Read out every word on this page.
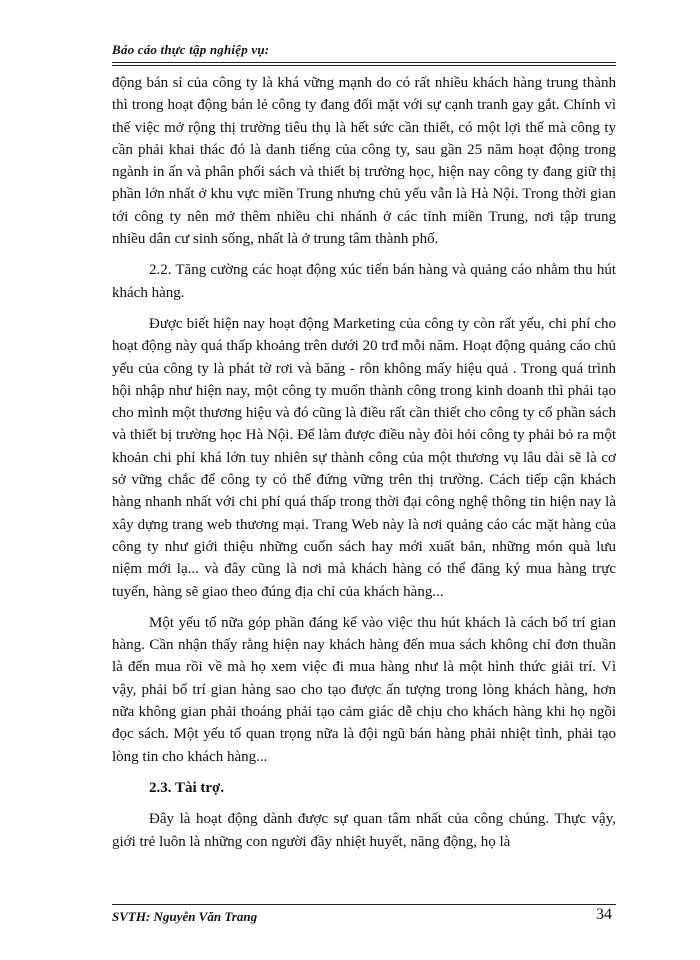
Báo cáo thực tập nghiệp vụ:

động bán sỉ của công ty là khá vững mạnh do có rất nhiều khách hàng trung thành thì trong hoạt động bán lẻ công ty đang đối mặt với sự cạnh tranh gay gắt. Chính vì thế việc mở rộng thị trường tiêu thụ là hết sức cần thiết, có một lợi thế mà công ty cần phải khai thác đó là danh tiếng của công ty, sau gần 25 năm hoạt động trong ngành in ấn và phân phối sách và thiết bị trường học, hiện nay công ty đang giữ thị phần lớn nhất ở khu vực miền Trung nhưng chủ yếu vẫn là Hà Nội. Trong thời gian tới công ty nên mở thêm nhiều chi nhánh ở các tỉnh miền Trung, nơi tập trung nhiều dân cư sinh sống, nhất là ở trung tâm thành phố.

2.2. Tăng cường các hoạt động xúc tiến bán hàng và quảng cáo nhằm thu hút khách hàng.

Được biết hiện nay hoạt động Marketing của công ty còn rất yếu, chi phí cho hoạt động này quá thấp khoảng trên dưới 20 trđ mỗi năm. Hoạt động quảng cáo chủ yếu của công ty là phát tờ rơi và băng - rôn không mấy hiệu quả . Trong quá trình hội nhập như hiện nay, một công ty muốn thành công trong kinh doanh thì phải tạo cho mình một thương hiệu và đó cũng là điều rất cần thiết cho công ty cổ phần sách và thiết bị trường học Hà Nội. Để làm được điều này đòi hỏi công ty phải bỏ ra một khoản chi phí khá lớn tuy nhiên sự thành công của một thương vụ lâu dài sẽ là cơ sở vững chắc để công ty có thể đứng vững trên thị trường. Cách tiếp cận khách hàng nhanh nhất với chi phí quá thấp trong thời đại công nghệ thông tin hiện nay là xây dựng trang web thương mại. Trang Web này là nơi quảng cáo các mặt hàng của công ty như giới thiệu những cuốn sách hay mới xuất bản, những món quà lưu niệm mới lạ... và đây cũng là nơi mà khách hàng có thể đăng ký mua hàng trực tuyến, hàng sẽ giao theo đúng địa chỉ của khách hàng...

Một yếu tố nữa góp phần đáng kể vào việc thu hút khách là cách bố trí gian hàng. Cần nhận thấy rằng hiện nay khách hàng đến mua sách không chỉ đơn thuần là đến mua rồi về mà họ xem việc đi mua hàng như là một hình thức giải trí. Vì vậy, phải bố trí gian hàng sao cho tạo được ấn tượng trong lòng khách hàng, hơn nữa không gian phải thoáng phải tạo cảm giác dễ chịu cho khách hàng khi họ ngồi đọc sách. Một yếu tố quan trọng nữa là đội ngũ bán hàng phải nhiệt tình, phải tạo lòng tin cho khách hàng...

2.3. Tài trợ.

Đây là hoạt động dành được sự quan tâm nhất của công chúng. Thực vậy, giới trẻ luôn là những con người đầy nhiệt huyết, năng động, họ là

SVTH: Nguyễn Văn Trang	34
